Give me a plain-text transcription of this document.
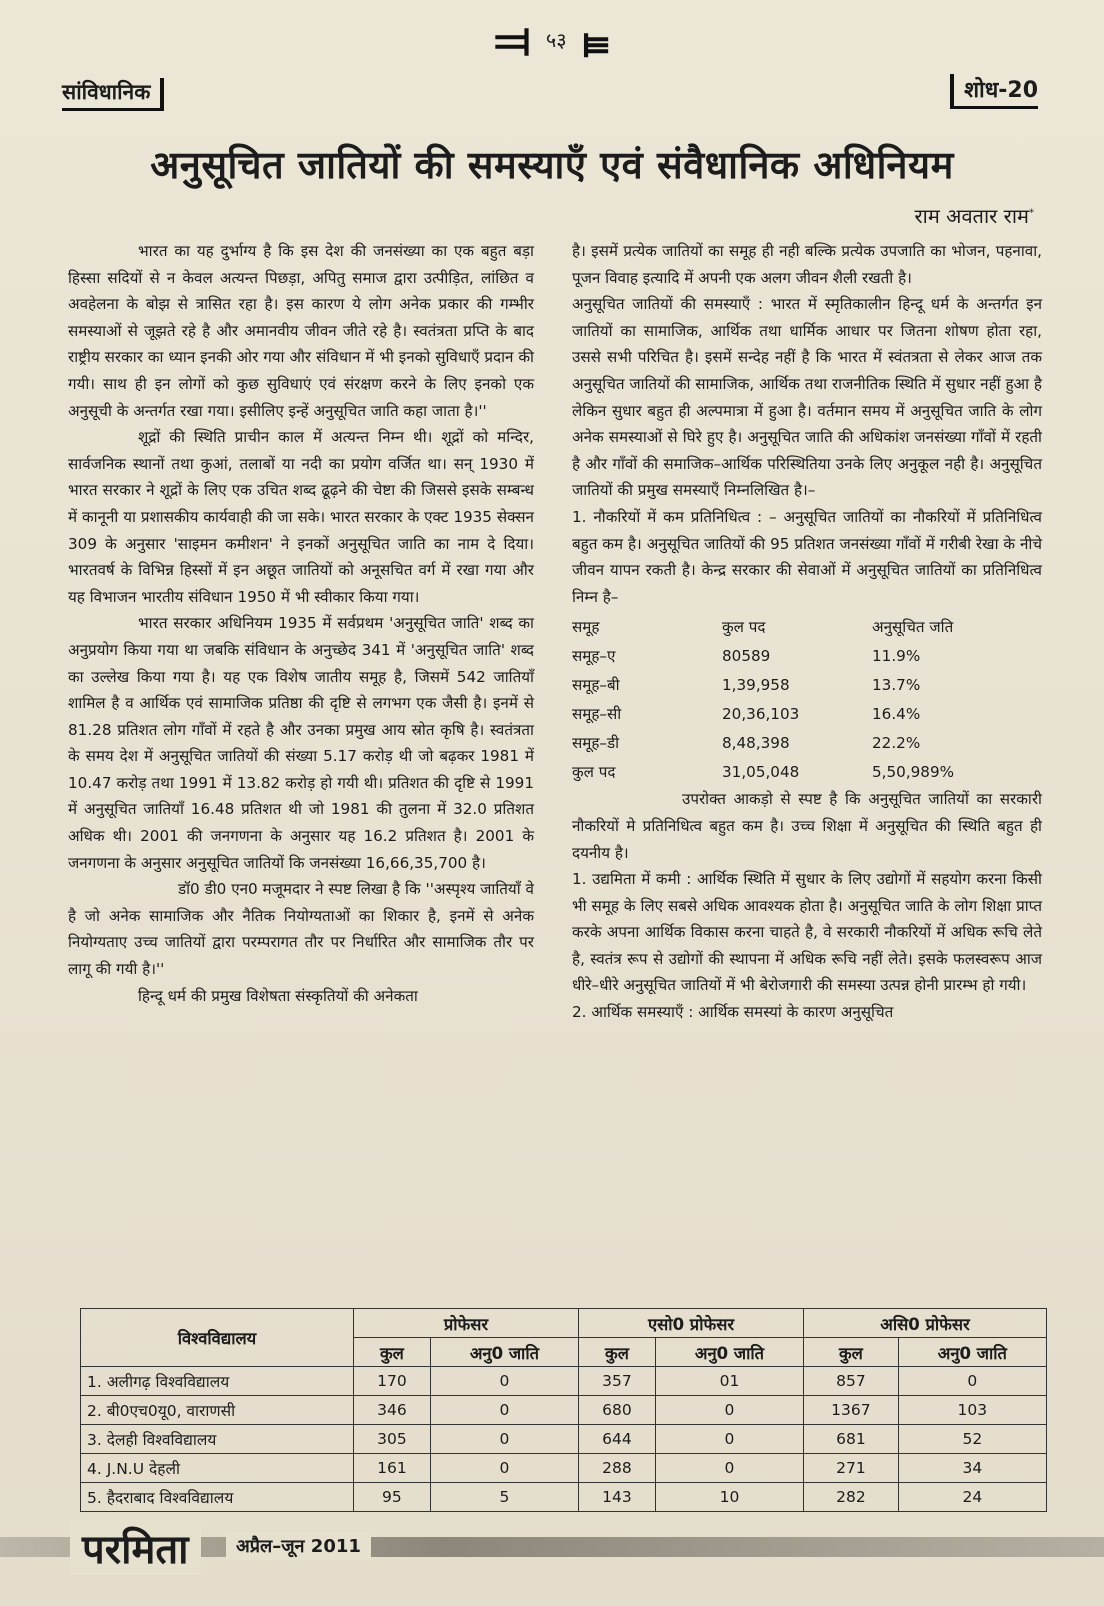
⫤ ५३ ⫢
सांविधानिक	शोध-20
अनुसूचित जातियों की समस्याएँ एवं संवैधानिक अधिनियम
राम अवतार राम*

भारत का यह दुर्भाग्य है कि इस देश की जनसंख्या का एक बहुत बड़ा हिस्सा सदियों से न केवल अत्यन्त पिछड़ा, अपितु समाज द्वारा उत्पीड़ित, लांछित व अवहेलना के बोझ से त्रासित रहा है। इस कारण ये लोग अनेक प्रकार की गम्भीर समस्याओं से जूझते रहे है और अमानवीय जीवन जीते रहे है। स्वतंत्रता प्रप्ति के बाद राष्ट्रीय सरकार का ध्यान इनकी ओर गया और संविधान में भी इनको सुविधाएँ प्रदान की गयी। साथ ही इन लोगों को कुछ सुविधाएं एवं संरक्षण करने के लिए इनको एक अनुसूची के अन्तर्गत रखा गया। इसीलिए इन्हें अनुसूचित जाति कहा जाता है।''

शूद्रों की स्थिति प्राचीन काल में अत्यन्त निम्न थी। शूद्रों को मन्दिर, सार्वजनिक स्थानों तथा कुआं, तलाबों या नदी का प्रयोग वर्जित था। सन् 1930 में भारत सरकार ने शूद्रों के लिए एक उचित शब्द ढूढ़ने की चेष्टा की जिससे इसके सम्बन्ध में कानूनी या प्रशासकीय कार्यवाही की जा सके। भारत सरकार के एक्ट 1935 सेक्सन 309 के अनुसार 'साइमन कमीशन' ने इनकों अनुसूचित जाति का नाम दे दिया। भारतवर्ष के विभिन्न हिस्सों में इन अछूत जातियों को अनूसचित वर्ग में रखा गया और यह विभाजन भारतीय संविधान 1950 में भी स्वीकार किया गया।

भारत सरकार अधिनियम 1935 में सर्वप्रथम 'अनुसूचित जाति' शब्द का अनुप्रयोग किया गया था जबकि संविधान के अनुच्छेद 341 में 'अनुसूचित जाति' शब्द का उल्लेख किया गया है। यह एक विशेष जातीय समूह है, जिसमें 542 जातियाँ शामिल है व आर्थिक एवं सामाजिक प्रतिष्ठा की दृष्टि से लगभग एक जैसी है। इनमें से 81.28 प्रतिशत लोग गाँवों में रहते है और उनका प्रमुख आय स्रोत कृषि है। स्वतंत्रता के समय देश में अनुसूचित जातियों की संख्या 5.17 करोड़ थी जो बढ़कर 1981 में 10.47 करोड़ तथा 1991 में 13.82 करोड़ हो गयी थी। प्रतिशत की दृष्टि से 1991 में अनुसूचित जातियाँ 16.48 प्रतिशत थी जो 1981 की तुलना में 32.0 प्रतिशत अधिक थी। 2001 की जनगणना के अनुसार यह 16.2 प्रतिशत है। 2001 के जनगणना के अनुसार अनुसूचित जातियों कि जनसंख्या 16,66,35,700 है।

डॉ0 डी0 एन0 मजूमदार ने स्पष्ट लिखा है कि ''अस्पृश्य जातियाँ वे है जो अनेक सामाजिक और नैतिक नियोग्यताओं का शिकार है, इनमें से अनेक नियोग्यताए उच्च जातियों द्वारा परम्परागत तौर पर निर्धारित और सामाजिक तौर पर लागू की गयी है।''

हिन्दू धर्म की प्रमुख विशेषता संस्कृतियों की अनेकता

है। इसमें प्रत्येक जातियों का समूह ही नही बल्कि प्रत्येक उपजाति का भोजन, पहनावा, पूजन विवाह इत्यादि में अपनी एक अलग जीवन शैली रखती है।

अनुसूचित जातियों की समस्याएँ : भारत में स्मृतिकालीन हिन्दू धर्म के अन्तर्गत इन जातियों का सामाजिक, आर्थिक तथा धार्मिक आधार पर जितना शोषण होता रहा, उससे सभी परिचित है। इसमें सन्देह नहीं है कि भारत में स्वंतत्रता से लेकर आज तक अनुसूचित जातियों की सामाजिक, आर्थिक तथा राजनीतिक स्थिति में सुधार नहीं हुआ है लेकिन सुधार बहुत ही अल्पमात्रा में हुआ है। वर्तमान समय में अनुसूचित जाति के लोग अनेक समस्याओं से घिरे हुए है। अनुसूचित जाति की अधिकांश जनसंख्या गाँवों में रहती है और गाँवों की समाजिक–आर्थिक परिस्थितिया उनके लिए अनुकूल नही है। अनुसूचित जातियों की प्रमुख समस्याएँ निम्नलिखित है।–

1. नौकरियों में कम प्रतिनिधित्व : – अनुसूचित जातियों का नौकरियों में प्रतिनिधित्व बहुत कम है। अनुसूचित जातियों की 95 प्रतिशत जनसंख्या गाँवों में गरीबी रेखा के नीचे जीवन यापन रकती है। केन्द्र सरकार की सेवाओं में अनुसूचित जातियों का प्रतिनिधित्व निम्न है–

समूह	कुल पद	अनुसूचित जति
समूह–ए	80589	11.9%
समूह–बी	1,39,958	13.7%
समूह–सी	20,36,103	16.4%
समूह–डी	8,48,398	22.2%
कुल पद	31,05,048	5,50,989%

उपरोक्त आकड़ो से स्पष्ट है कि अनुसूचित जातियों का सरकारी नौकरियों मे प्रतिनिधित्व बहुत कम है। उच्च शिक्षा में अनुसूचित की स्थिति बहुत ही दयनीय है।

1. उद्यमिता में कमी : आर्थिक स्थिति में सुधार के लिए उद्योगों में सहयोग करना किसी भी समूह के लिए सबसे अधिक आवश्यक होता है। अनुसूचित जाति के लोग शिक्षा प्राप्त करके अपना आर्थिक विकास करना चाहते है, वे सरकारी नौकरियों में अधिक रूचि लेते है, स्वतंत्र रूप से उद्योगों की स्थापना में अधिक रूचि नहीं लेते। इसके फलस्वरूप आज धीरे–धीरे अनुसूचित जातियों में भी बेरोजगारी की समस्या उत्पन्न होनी प्रारम्भ हो गयी।

2. आर्थिक समस्याएँ : आर्थिक समस्यां के कारण अनुसूचित

विश्वविद्यालय	प्रोफेसर		एसो0 प्रोफेसर		असि0 प्रोफेसर	
	कुल	अनु0 जाति	कुल	अनु0 जाति	कुल	अनु0 जाति
1. अलीगढ़ विश्वविद्यालय	170	0	357	01	857	0
2. बी0एच0यू0, वाराणसी	346	0	680	0	1367	103
3. देलही विश्वविद्यालय	305	0	644	0	681	52
4. J.N.U देहली	161	0	288	0	271	34
5. हैदराबाद विश्वविद्यालय	95	5	143	10	282	24
परमिता	अप्रैल–जून 2011
